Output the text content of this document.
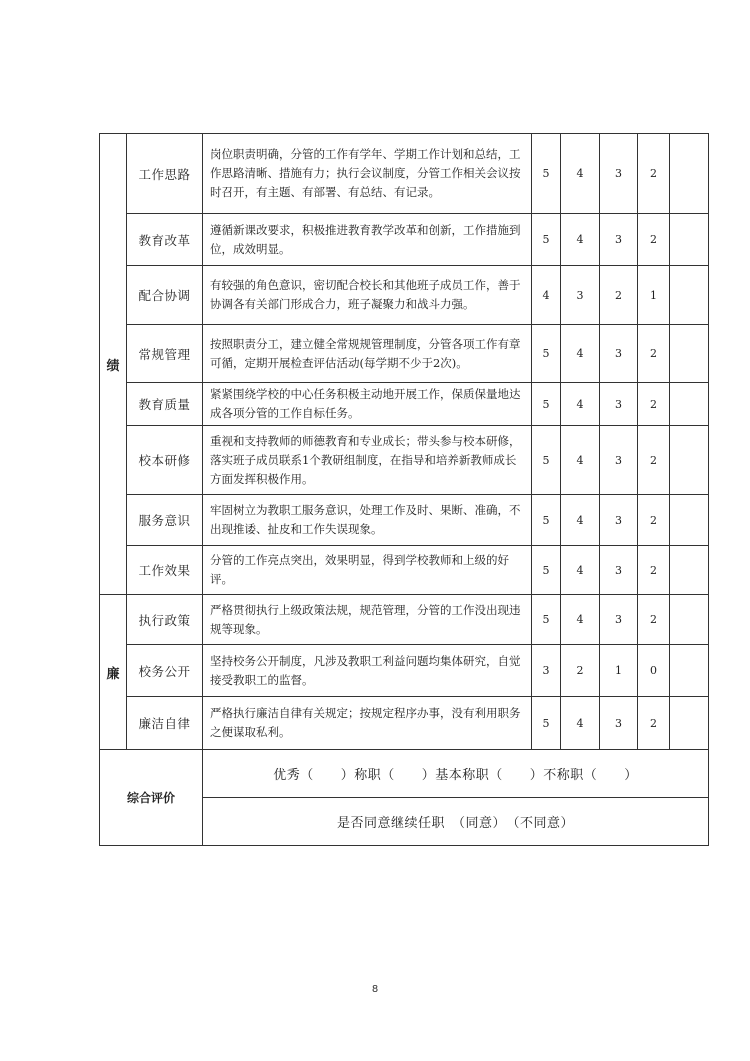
绩	工作思路	岗位职责明确，分管的工作有学年、学期工作计划和总结，工作思路清晰、措施有力；执行会议制度，分管工作相关会议按时召开，有主题、有部署、有总结、有记录。	5	4	3	2	
	教育改革	遵循新课改要求，积极推进教育教学改革和创新，工作措施到位，成效明显。	5	4	3	2	
	配合协调	有较强的角色意识，密切配合校长和其他班子成员工作，善于协调各有关部门形成合力，班子凝聚力和战斗力强。	4	3	2	1	
	常规管理	按照职责分工，建立健全常规规管理制度，分管各项工作有章可循，定期开展检查评估活动(每学期不少于2次)。	5	4	3	2	
	教育质量	紧紧围绕学校的中心任务积极主动地开展工作，保质保量地达成各项分管的工作自标任务。	5	4	3	2	
	校本研修	重视和支持教师的师德教育和专业成长；带头参与校本研修，落实班子成员联系1个教研组制度，在指导和培养新教师成长方面发挥积极作用。	5	4	3	2	
	服务意识	牢固树立为教职工服务意识，处理工作及时、果断、准确，不出现推诿、扯皮和工作失误现象。	5	4	3	2	
	工作效果	分管的工作亮点突出，效果明显，得到学校教师和上级的好评。	5	4	3	2	
廉	执行政策	严格贯彻执行上级政策法规，规范管理，分管的工作没出现违规等现象。	5	4	3	2	
	校务公开	坚持校务公开制度，凡涉及教职工利益问题均集体研究，自觉接受教职工的监督。	3	2	1	0	
	廉洁自律	严格执行廉洁自律有关规定；按规定程序办事，没有利用职务之便谋取私利。	5	4	3	2	
综合评价		优秀（　　）称职（　　）基本称职（　　）不称职（　　）					
		是否同意继续任职　（同意）　（不同意）					
8
